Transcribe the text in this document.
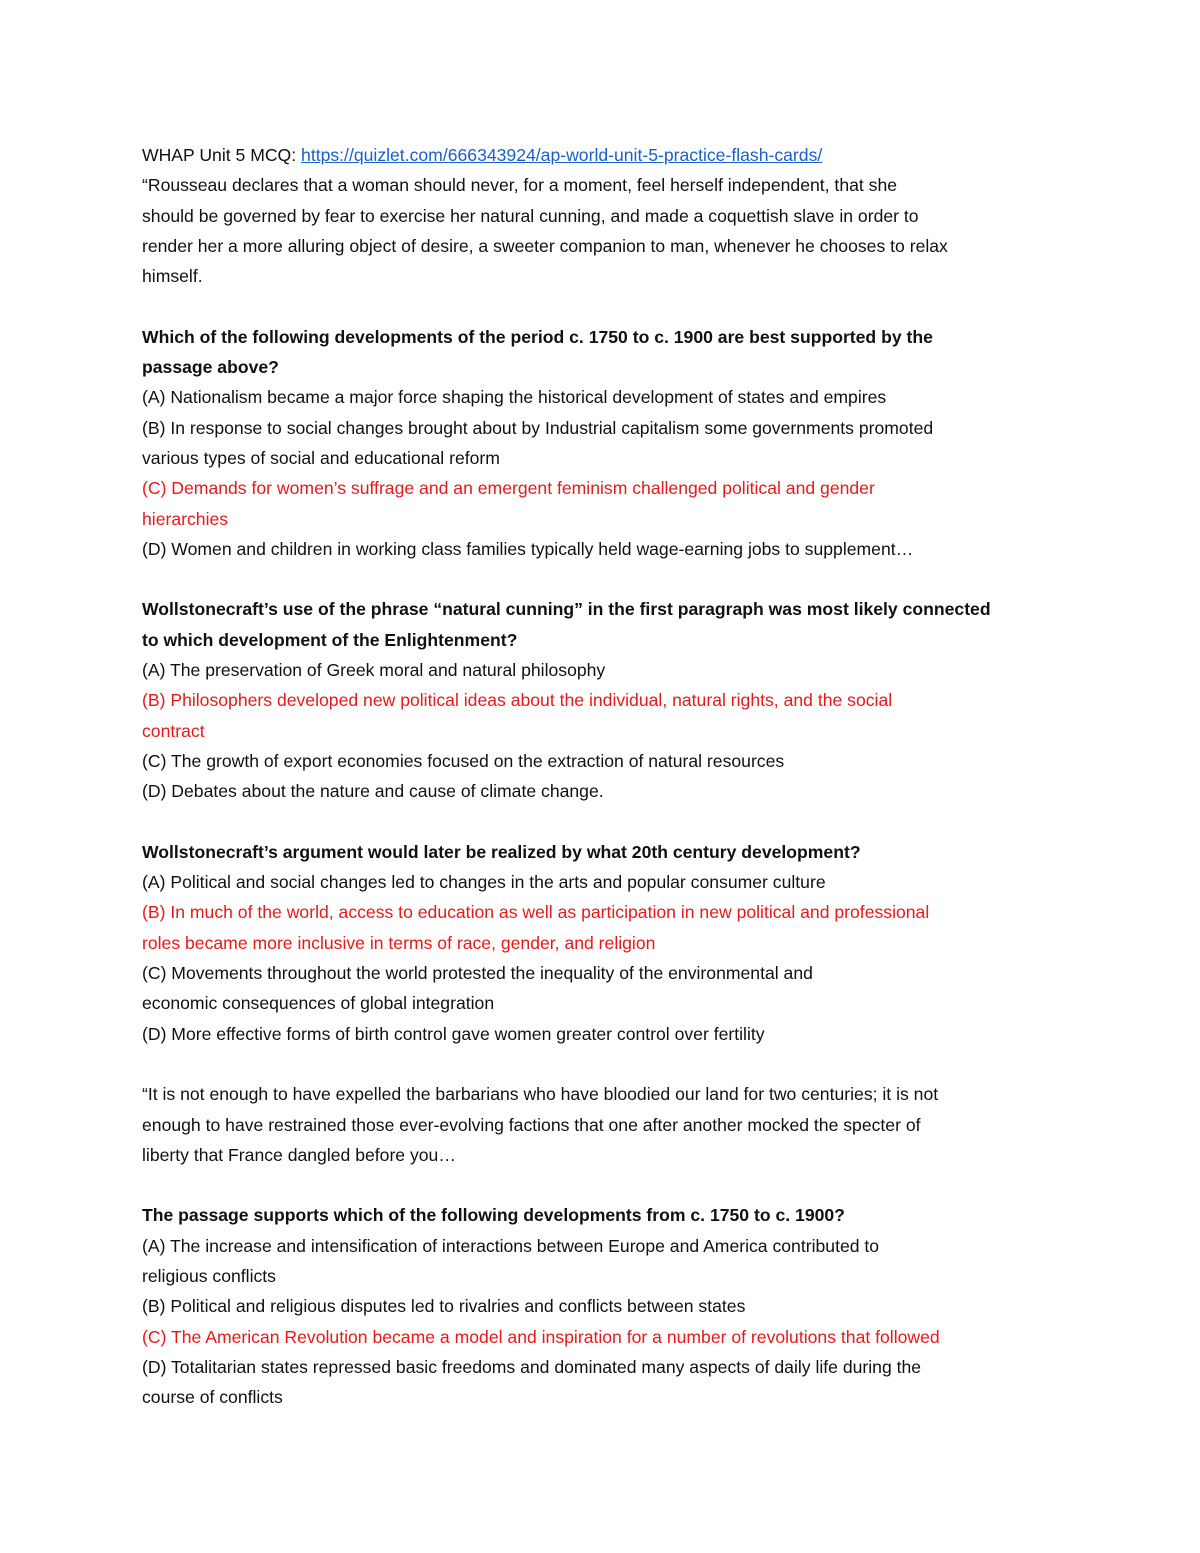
WHAP Unit 5 MCQ: https://quizlet.com/666343924/ap-world-unit-5-practice-flash-cards/

“Rousseau declares that a woman should never, for a moment, feel herself independent, that she

should be governed by fear to exercise her natural cunning, and made a coquettish slave in order to

render her a more alluring object of desire, a sweeter companion to man, whenever he chooses to relax

himself.

Which of the following developments of the period c. 1750 to c. 1900 are best supported by the

passage above?

(A) Nationalism became a major force shaping the historical development of states and empires

(B) In response to social changes brought about by Industrial capitalism some governments promoted

various types of social and educational reform

(C) Demands for women’s suffrage and an emergent feminism challenged political and gender

hierarchies

(D) Women and children in working class families typically held wage-earning jobs to supplement…

Wollstonecraft’s use of the phrase “natural cunning” in the first paragraph was most likely connected

to which development of the Enlightenment?

(A) The preservation of Greek moral and natural philosophy

(B) Philosophers developed new political ideas about the individual, natural rights, and the social

contract

(C) The growth of export economies focused on the extraction of natural resources

(D) Debates about the nature and cause of climate change.

Wollstonecraft’s argument would later be realized by what 20th century development?

(A) Political and social changes led to changes in the arts and popular consumer culture

(B) In much of the world, access to education as well as participation in new political and professional

roles became more inclusive in terms of race, gender, and religion

(C) Movements throughout the world protested the inequality of the environmental and

economic consequences of global integration

(D) More effective forms of birth control gave women greater control over fertility

“It is not enough to have expelled the barbarians who have bloodied our land for two centuries; it is not

enough to have restrained those ever-evolving factions that one after another mocked the specter of

liberty that France dangled before you…

The passage supports which of the following developments from c. 1750 to c. 1900?

(A) The increase and intensification of interactions between Europe and America contributed to

religious conflicts

(B) Political and religious disputes led to rivalries and conflicts between states

(C) The American Revolution became a model and inspiration for a number of revolutions that followed

(D) Totalitarian states repressed basic freedoms and dominated many aspects of daily life during the

course of conflicts
